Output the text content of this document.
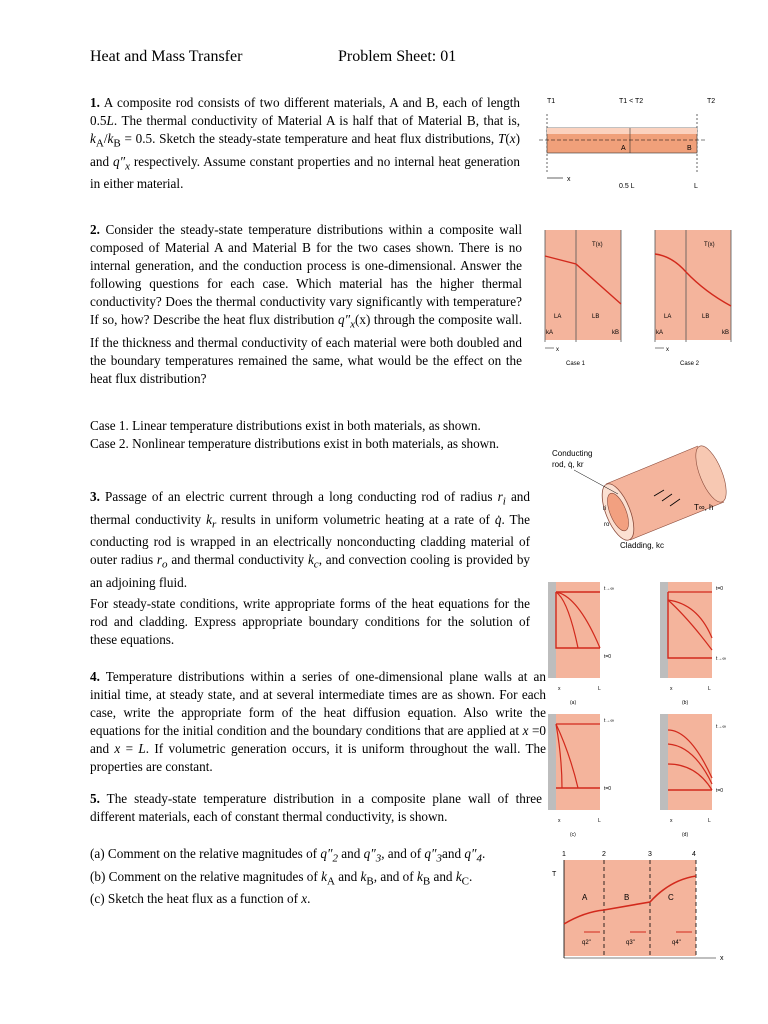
Heat and Mass Transfer	Problem Sheet: 01

1. A composite rod consists of two different materials, A and B, each of length 0.5L. The thermal conductivity of Material A is half that of Material B, that is, $k_A/k_B = 0.5$. Sketch the steady-state temperature and heat flux distributions, T(x) and $q''_x$ respectively. Assume constant properties and no internal heat generation in either material.

T1	T1 < T2	T2
A	B
x
0.5 L	L

2. Consider the steady-state temperature distributions within a composite wall composed of Material A and Material B for the two cases shown. There is no internal generation, and the conduction process is one-dimensional. Answer the following questions for each case. Which material has the higher thermal conductivity? Does the thermal conductivity vary significantly with temperature? If so, how? Describe the heat flux distribution $q''_x(x)$ through the composite wall. If the thickness and thermal conductivity of each material were both doubled and the boundary temperatures remained the same, what would be the effect on the heat flux distribution?

T(x)
LA	LB
kA	kB
x
Case 1
T(x)
LA	LB
kA	kB
x
Case 2

Case 1. Linear temperature distributions exist in both materials, as shown.
Case 2. Nonlinear temperature distributions exist in both materials, as shown.

3. Passage of an electric current through a long conducting rod of radius $r_i$ and thermal conductivity $k_r$ results in uniform volumetric heating at a rate of q̇. The conducting rod is wrapped in an electrically nonconducting cladding material of outer radius $r_o$ and thermal conductivity $k_c$, and convection cooling is provided by an adjoining fluid.

Conducting
rod, q̇, kr
ri
ro
T∞, h
Cladding, kc

For steady-state conditions, write appropriate forms of the heat equations for the rod and cladding. Express appropriate boundary conditions for the solution of these equations.

4. Temperature distributions within a series of one-dimensional plane walls at an initial time, at steady state, and at several intermediate times are as shown. For each case, write the appropriate form of the heat diffusion equation. Also write the equations for the initial condition and the boundary conditions that are applied at x =0 and x = L. If volumetric generation occurs, it is uniform throughout the wall. The properties are constant.

t→∞
t=0
x	L
(a)
t=0
t→∞
x	L
(b)
t→∞
t=0
x	L
(c)
t→∞
t=0
x	L
(d)

5. The steady-state temperature distribution in a composite plane wall of three different materials, each of constant thermal conductivity, is shown.

(a) Comment on the relative magnitudes of $q''_2$ and $q''_3$, and of $q''_3and$ $q''_4$.
(b) Comment on the relative magnitudes of $k_A$ and $k_B$, and of $k_B$ and $k_C$.
(c) Sketch the heat flux as a function of x.

1	2	3	4
T
A	B	C
q2"	q3"	q4"
x
